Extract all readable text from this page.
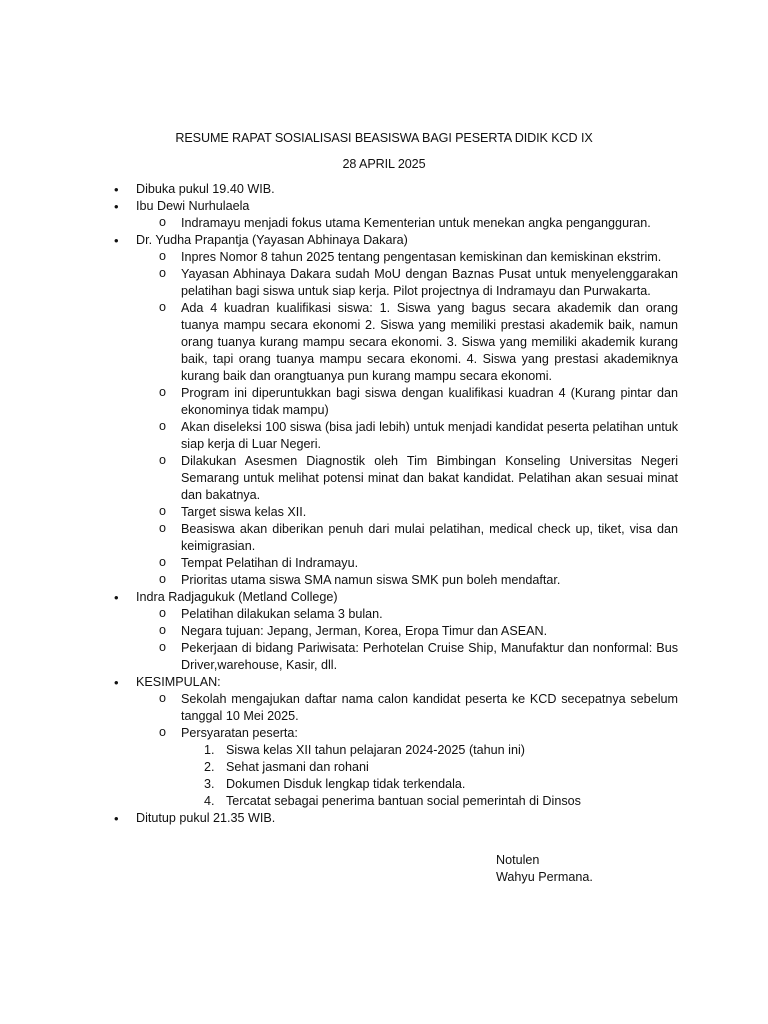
RESUME RAPAT SOSIALISASI BEASISWA BAGI PESERTA DIDIK KCD IX
28 APRIL 2025
• Dibuka pukul 19.40 WIB.
• Ibu Dewi Nurhulaela
o Indramayu menjadi fokus utama Kementerian untuk menekan angka pengangguran.
• Dr. Yudha Prapantja (Yayasan Abhinaya Dakara)
o Inpres Nomor 8 tahun 2025 tentang pengentasan kemiskinan dan kemiskinan ekstrim.
o Yayasan Abhinaya Dakara sudah MoU dengan Baznas Pusat untuk menyelenggarakan pelatihan bagi siswa untuk siap kerja. Pilot projectnya di Indramayu dan Purwakarta.
o Ada 4 kuadran kualifikasi siswa: 1. Siswa yang bagus secara akademik dan orang tuanya mampu secara ekonomi 2. Siswa yang memiliki prestasi akademik baik, namun orang tuanya kurang mampu secara ekonomi. 3. Siswa yang memiliki akademik kurang baik, tapi orang tuanya mampu secara ekonomi. 4. Siswa yang prestasi akademiknya kurang baik dan orangtuanya pun kurang mampu secara ekonomi.
o Program ini diperuntukkan bagi siswa dengan kualifikasi kuadran 4 (Kurang pintar dan ekonominya tidak mampu)
o Akan diseleksi 100 siswa (bisa jadi lebih) untuk menjadi kandidat peserta pelatihan untuk siap kerja di Luar Negeri.
o Dilakukan Asesmen Diagnostik oleh Tim Bimbingan Konseling Universitas Negeri Semarang untuk melihat potensi minat dan bakat kandidat. Pelatihan akan sesuai minat dan bakatnya.
o Target siswa kelas XII.
o Beasiswa akan diberikan penuh dari mulai pelatihan, medical check up, tiket, visa dan keimigrasian.
o Tempat Pelatihan di Indramayu.
o Prioritas utama siswa SMA namun siswa SMK pun boleh mendaftar.
• Indra Radjagukuk (Metland College)
o Pelatihan dilakukan selama 3 bulan.
o Negara tujuan: Jepang, Jerman, Korea, Eropa Timur dan ASEAN.
o Pekerjaan di bidang Pariwisata: Perhotelan Cruise Ship, Manufaktur dan nonformal: Bus Driver,warehouse, Kasir, dll.
• KESIMPULAN:
o Sekolah mengajukan daftar nama calon kandidat peserta ke KCD secepatnya sebelum tanggal 10 Mei 2025.
o Persyaratan peserta:
1. Siswa kelas XII tahun pelajaran 2024-2025 (tahun ini)
2. Sehat jasmani dan rohani
3. Dokumen Disduk lengkap tidak terkendala.
4. Tercatat sebagai penerima bantuan social pemerintah di Dinsos
• Ditutup pukul 21.35 WIB.
Notulen
Wahyu Permana.
